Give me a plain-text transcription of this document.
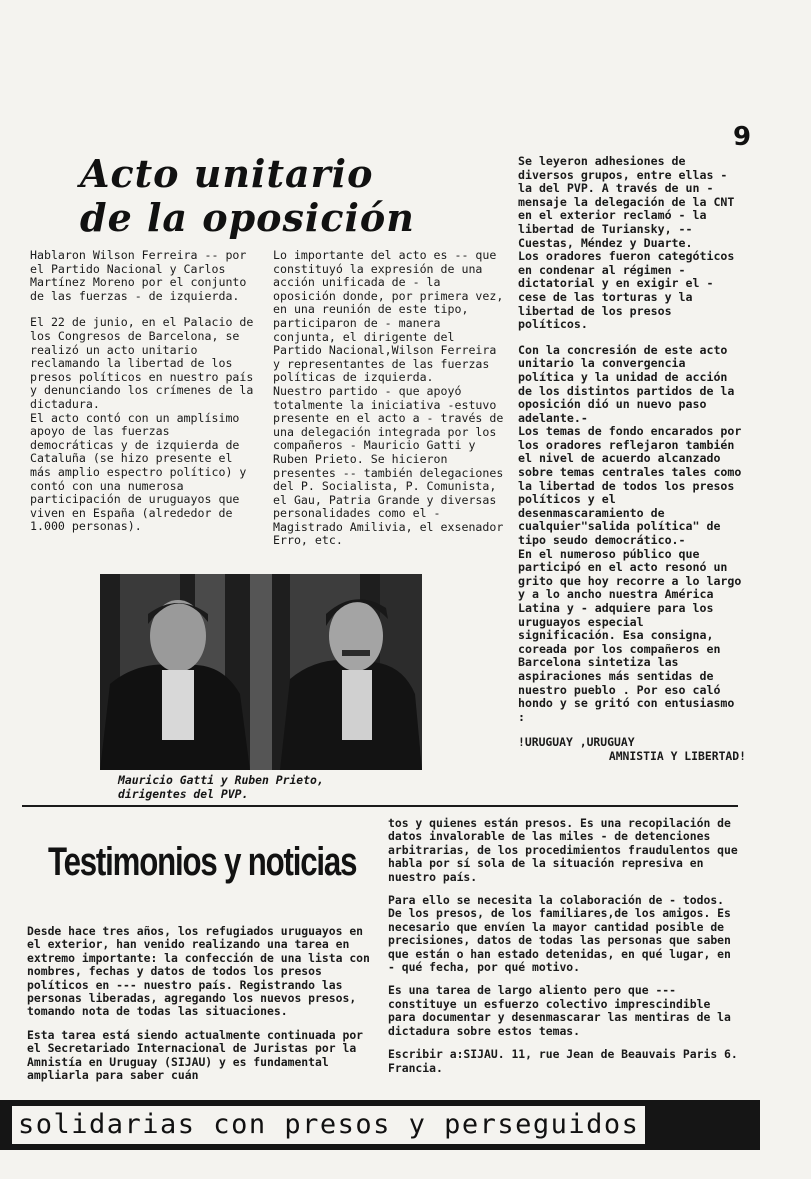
9
Acto unitario
de la oposición

Hablaron Wilson Ferreira -- por el Partido Nacional y Carlos Martínez Moreno por el conjunto de las fuerzas - de izquierda.

El 22 de junio, en el Palacio de los Congresos de Barcelona, se realizó un acto unitario reclamando la libertad de los presos políticos en nuestro país y denunciando los crímenes de la dictadura.

El acto contó con un amplísimo apoyo de las fuerzas democráticas y de izquierda de Cataluña (se hizo presente el más amplio espectro político) y contó con una numerosa participación de uruguayos que viven en España (alrededor de 1.000 personas).

Lo importante del acto es -- que constituyó la expresión de una acción unificada de - la oposición donde, por primera vez, en una reunión de este tipo, participaron de - manera conjunta, el dirigente del Partido Nacional,Wilson Ferreira y representantes de las fuerzas políticas de izquierda.

Nuestro partido - que apoyó totalmente la iniciativa -estuvo presente en el acto a - través de una delegación integrada por los compañeros - Mauricio Gatti y Ruben Prieto. Se hicieron presentes -- también delegaciones del P. Socialista, P. Comunista, el Gau, Patria Grande y diversas personalidades como el - Magistrado Amilivia, el exsenador Erro, etc.

Se leyeron adhesiones de diversos grupos, entre ellas - la del PVP. A través de un - mensaje la delegación de la CNT en el exterior reclamó - la libertad de Turiansky, -- Cuestas, Méndez y Duarte.

Los oradores fueron categóticos en condenar al régimen - dictatorial y en exigir el - cese de las torturas y la libertad de los presos políticos.

Con la concresión de este acto unitario la convergencia política y la unidad de acción de los distintos partidos de la oposición dió un nuevo paso adelante.-

Los temas de fondo encarados por los oradores reflejaron también el nivel de acuerdo alcanzado sobre temas centrales tales como la libertad de todos los presos políticos y el desenmascaramiento de cualquier"salida política" de tipo seudo democrático.-

En el numeroso público que participó en el acto resonó un grito que hoy recorre a lo largo y a lo ancho nuestra América Latina y - adquiere para los uruguayos especial significación. Esa consigna, coreada por los compañeros en Barcelona sintetiza las aspiraciones más sentidas de nuestro pueblo . Por eso caló hondo y se gritó con entusiasmo :

!URUGUAY ,URUGUAY
AMNISTIA Y LIBERTAD!
Mauricio Gatti y Ruben Prieto,
dirigentes del PVP.
Testimonios y noticias

Desde hace tres años, los refugiados uruguayos en el exterior, han venido realizando una tarea en extremo importante: la confección de una lista con nombres, fechas y datos de todos los presos políticos en --- nuestro país. Registrando las personas liberadas, agregando los nuevos presos, tomando nota de todas las situaciones.

Esta tarea está siendo actualmente continuada por el Secretariado Internacional de Juristas por la Amnistía en Uruguay (SIJAU) y es fundamental ampliarla para saber cuán

tos y quienes están presos. Es una recopilación de datos invalorable de las miles - de detenciones arbitrarias, de los procedimientos fraudulentos que habla por sí sola de la situación represiva en nuestro país.

Para ello se necesita la colaboración de - todos. De los presos, de los familiares,de los amigos. Es necesario que envíen la mayor cantidad posible de precisiones, datos de todas las personas que saben que están o han estado detenidas, en qué lugar, en - qué fecha, por qué motivo.

Es una tarea de largo aliento pero que --- constituye un esfuerzo colectivo imprescindible para documentar y desenmascarar las mentiras de la dictadura sobre estos temas.

Escribir a:SIJAU. 11, rue Jean de Beauvais Paris 6. Francia.

solidarias con presos y perseguidos
